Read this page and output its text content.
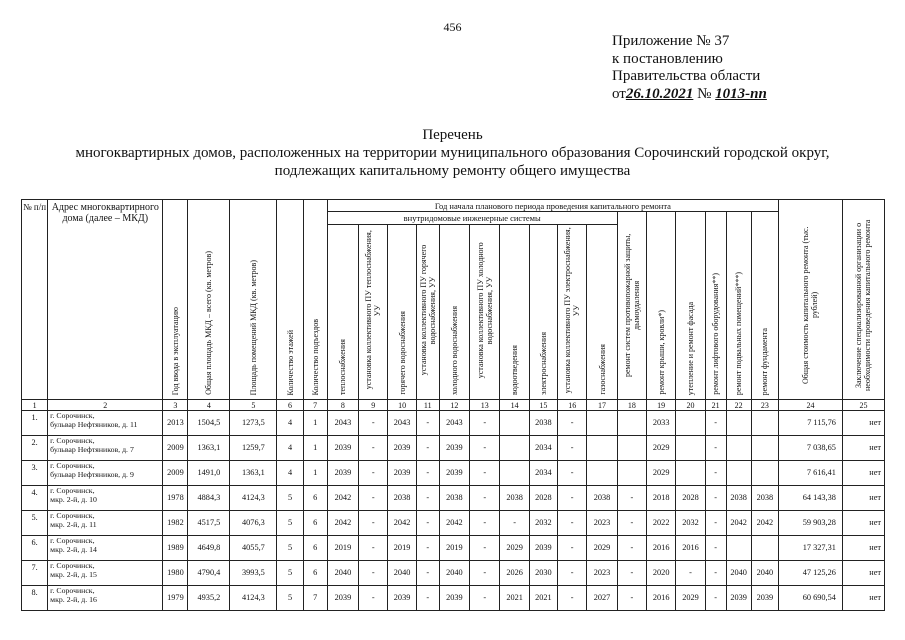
456
Приложение № 37
к постановлению
Правительства области
от26.10.2021 № 1013-пп
Перечень
многоквартирных домов, расположенных на территории муниципального образования Сорочинский городской округ,
подлежащих капитальному ремонту общего имущества
№ п/п	Адрес многоквартирного дома (далее – МКД)	Год ввода в эксплуатацию	Общая площадь МКД – всего (кв. метров)	Площадь помещений МКД (кв. метров)	Количество этажей	Количество подъездов	Год начала планового периода проведения капитального ремонта																Общая стоимость капитального ремонта (тыс. рублей)	Заключение специализированной организации о необходимости проведения капитального ремонта
							внутридомовые инженерные системы										ремонт систем противопожарной защиты, дымоудаления	ремонт крыши, кровли*)	утепление и ремонт фасада	ремонт лифтового оборудования**)	ремонт подвальных помещений***)	ремонт фундамента		
							теплоснабжения	установка коллективного ПУ теплоснабжения, УУ	горячего водоснабжения	установка коллективного ПУ горячего водоснабжения, УУ	холодного водоснабжения	установка коллективного ПУ холодного водоснабжения, УУ	водоотведения	электроснабжения	установка коллективного ПУ электроснабжения, УУ	газоснабжения								
1	2	3	4	5	6	7	8	9	10	11	12	13	14	15	16	17	18	19	20	21	22	23	24	25
1.	г. Сорочинск,
бульвар Нефтяников, д. 11	2013	1504,5	1273,5	4	1	2043	-	2043	-	2043	-		2038	-			2033		-			7 115,76	нет
2.	г. Сорочинск,
бульвар Нефтяников, д. 7	2009	1363,1	1259,7	4	1	2039	-	2039	-	2039	-		2034	-			2029		-			7 038,65	нет
3.	г. Сорочинск,
бульвар Нефтяников, д. 9	2009	1491,0	1363,1	4	1	2039	-	2039	-	2039	-		2034	-			2029		-			7 616,41	нет
4.	г. Сорочинск,
мкр. 2-й, д. 10	1978	4884,3	4124,3	5	6	2042	-	2038	-	2038	-	2038	2028	-	2038	-	2018	2028	-	2038	2038	64 143,38	нет
5.	г. Сорочинск,
мкр. 2-й, д. 11	1982	4517,5	4076,3	5	6	2042	-	2042	-	2042	-	-	2032	-	2023	-	2022	2032	-	2042	2042	59 903,28	нет
6.	г. Сорочинск,
мкр. 2-й, д. 14	1989	4649,8	4055,7	5	6	2019	-	2019	-	2019	-	2029	2039	-	2029	-	2016	2016	-			17 327,31	нет
7.	г. Сорочинск,
мкр. 2-й, д. 15	1980	4790,4	3993,5	5	6	2040	-	2040	-	2040	-	2026	2030	-	2023	-	2020	-	-	2040	2040	47 125,26	нет
8.	г. Сорочинск,
мкр. 2-й, д. 16	1979	4935,2	4124,3	5	7	2039	-	2039	-	2039	-	2021	2021	-	2027	-	2016	2029	-	2039	2039	60 690,54	нет
